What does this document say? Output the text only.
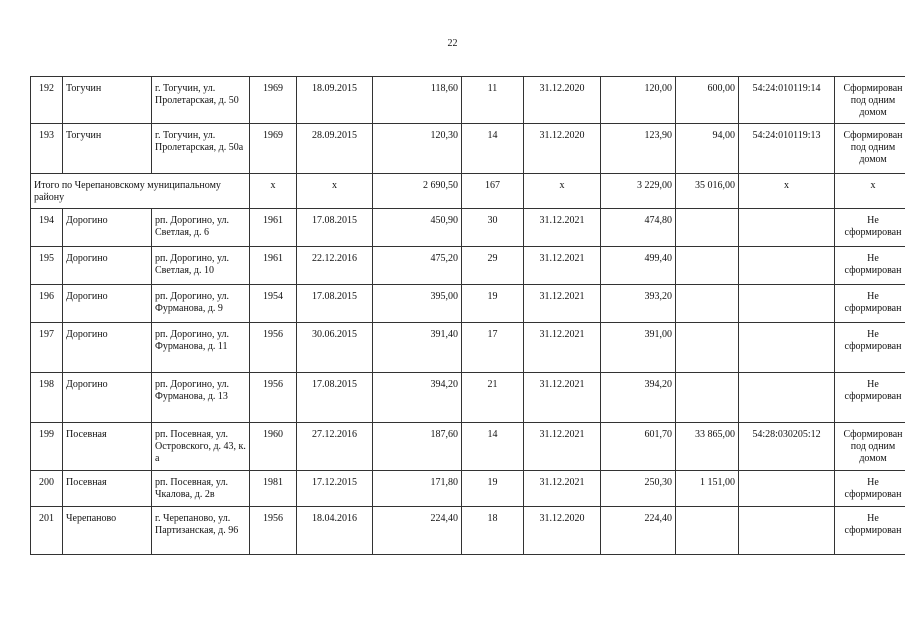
22
192	Тогучин	г. Тогучин, ул. Пролетарская, д. 50	1969	18.09.2015	118,60	11	31.12.2020	120,00	600,00	54:24:010119:14	Сформирован под одним домом
193	Тогучин	г. Тогучин, ул. Пролетарская, д. 50а	1969	28.09.2015	120,30	14	31.12.2020	123,90	94,00	54:24:010119:13	Сформирован под одним домом
Итого по Черепановскому муниципальному району			x	x	2 690,50	167	x	3 229,00	35 016,00	x	x
194	Дорогино	рп. Дорогино, ул. Светлая, д. 6	1961	17.08.2015	450,90	30	31.12.2021	474,80			Не сформирован
195	Дорогино	рп. Дорогино, ул. Светлая, д. 10	1961	22.12.2016	475,20	29	31.12.2021	499,40			Не сформирован
196	Дорогино	рп. Дорогино, ул. Фурманова, д. 9	1954	17.08.2015	395,00	19	31.12.2021	393,20			Не сформирован
197	Дорогино	рп. Дорогино, ул. Фурманова, д. 11	1956	30.06.2015	391,40	17	31.12.2021	391,00			Не сформирован
198	Дорогино	рп. Дорогино, ул. Фурманова, д. 13	1956	17.08.2015	394,20	21	31.12.2021	394,20			Не сформирован
199	Посевная	рп. Посевная, ул. Островского, д. 43, к. а	1960	27.12.2016	187,60	14	31.12.2021	601,70	33 865,00	54:28:030205:12	Сформирован под одним домом
200	Посевная	рп. Посевная, ул. Чкалова, д. 2в	1981	17.12.2015	171,80	19	31.12.2021	250,30	1 151,00		Не сформирован
201	Черепаново	г. Черепаново, ул. Партизанская, д. 96	1956	18.04.2016	224,40	18	31.12.2020	224,40			Не сформирован
